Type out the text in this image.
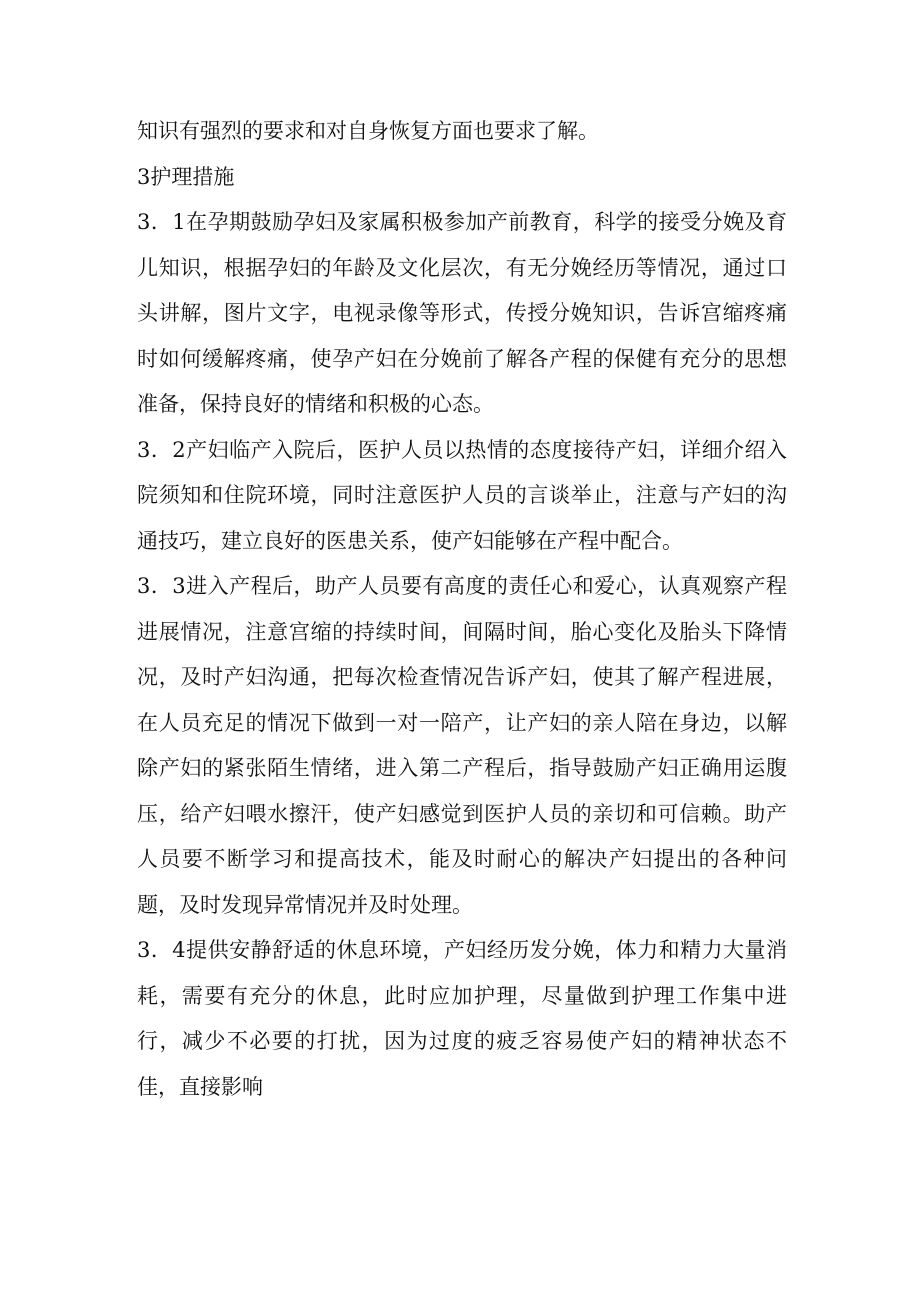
知识有强烈的要求和对自身恢复方面也要求了解。

3护理措施

3．1在孕期鼓励孕妇及家属积极参加产前教育，科学的接受分娩及育儿知识，根据孕妇的年龄及文化层次，有无分娩经历等情况，通过口头讲解，图片文字，电视录像等形式，传授分娩知识，告诉宫缩疼痛时如何缓解疼痛，使孕产妇在分娩前了解各产程的保健有充分的思想准备，保持良好的情绪和积极的心态。

3．2产妇临产入院后，医护人员以热情的态度接待产妇，详细介绍入院须知和住院环境，同时注意医护人员的言谈举止，注意与产妇的沟通技巧，建立良好的医患关系，使产妇能够在产程中配合。

3．3进入产程后，助产人员要有高度的责任心和爱心，认真观察产程进展情况，注意宫缩的持续时间，间隔时间，胎心变化及胎头下降情况，及时产妇沟通，把每次检查情况告诉产妇，使其了解产程进展，在人员充足的情况下做到一对一陪产，让产妇的亲人陪在身边，以解除产妇的紧张陌生情绪，进入第二产程后，指导鼓励产妇正确用运腹压，给产妇喂水擦汗，使产妇感觉到医护人员的亲切和可信赖。助产人员要不断学习和提高技术，能及时耐心的解决产妇提出的各种问题，及时发现异常情况并及时处理。

3．4提供安静舒适的休息环境，产妇经历发分娩，体力和精力大量消耗，需要有充分的休息，此时应加护理，尽量做到护理工作集中进行，减少不必要的打扰，因为过度的疲乏容易使产妇的精神状态不佳，直接影响
